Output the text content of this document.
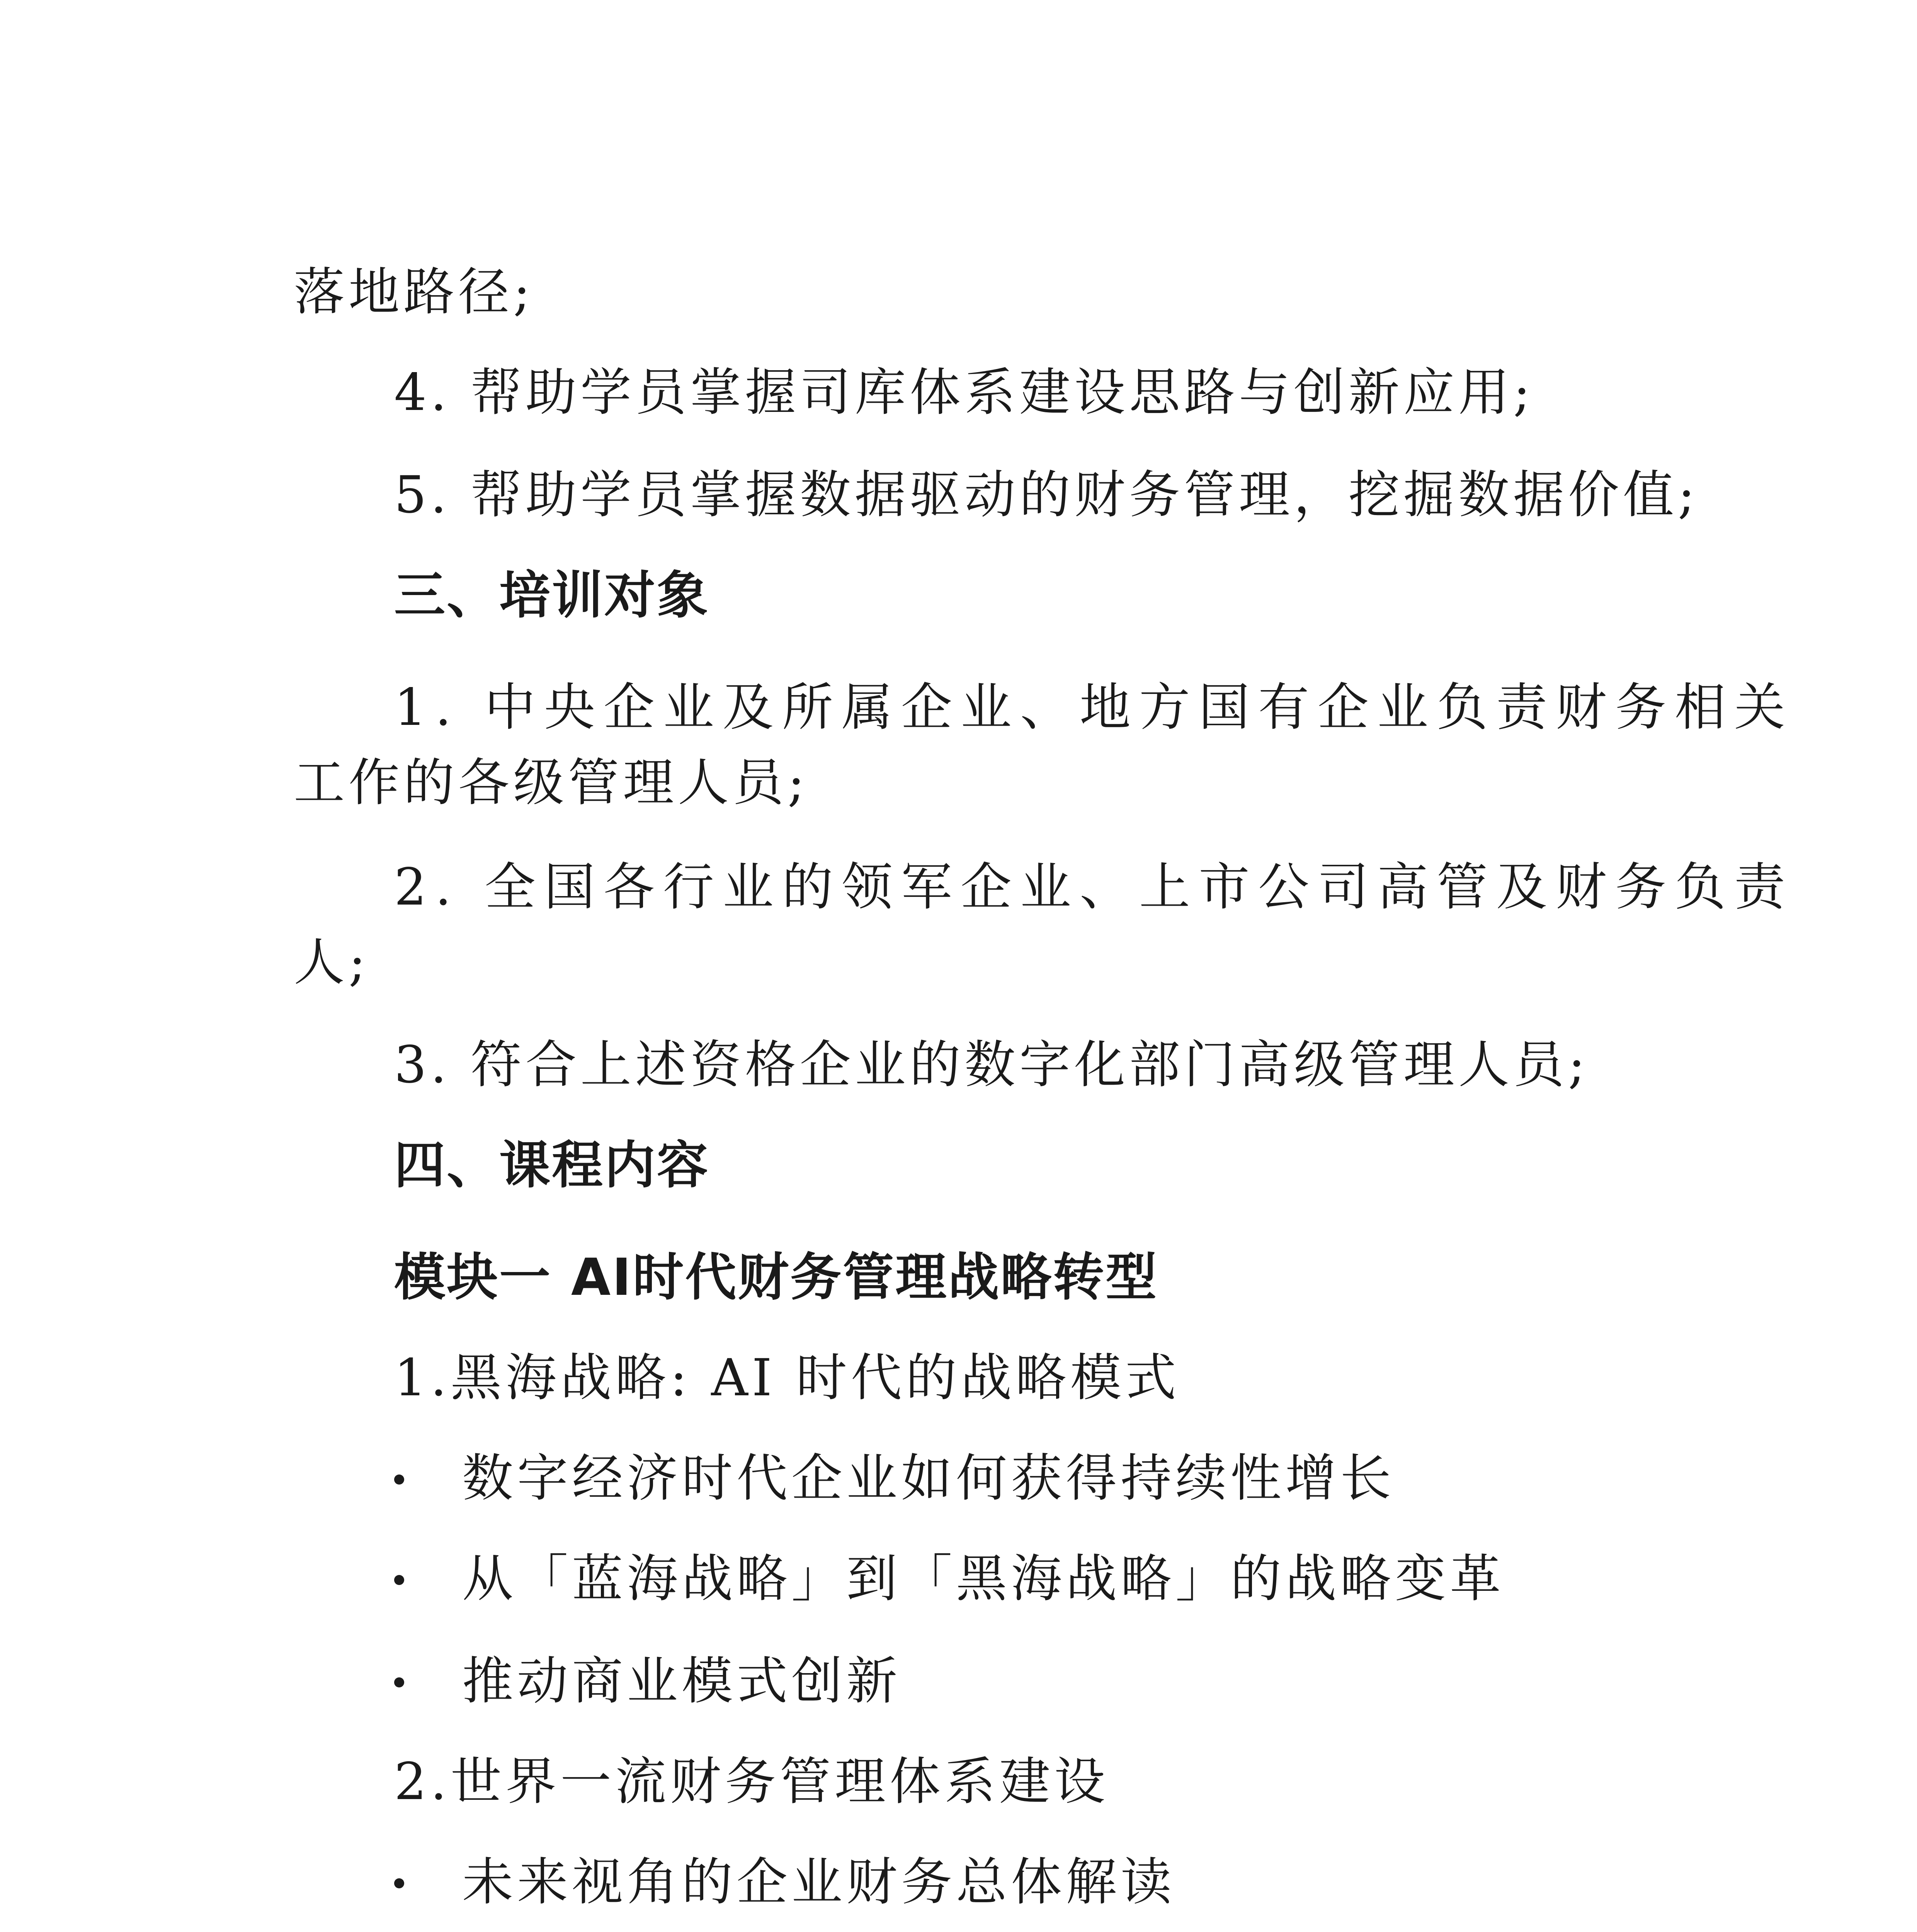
落地路径;
4. 帮助学员掌握司库体系建设思路与创新应用;
5. 帮助学员掌握数据驱动的财务管理，挖掘数据价值;
三、培训对象
1. 中央企业及所属企业、地方国有企业负责财务相关
工作的各级管理人员;
2. 全国各行业的领军企业、上市公司高管及财务负责
人;
3. 符合上述资格企业的数字化部门高级管理人员;
四、课程内容
模块一 AI时代财务管理战略转型
1.黑海战略: AI 时代的战略模式
数字经济时代企业如何获得持续性增长
从「蓝海战略」到「黑海战略」的战略变革
推动商业模式创新
2.世界一流财务管理体系建设
未来视角的企业财务总体解读
